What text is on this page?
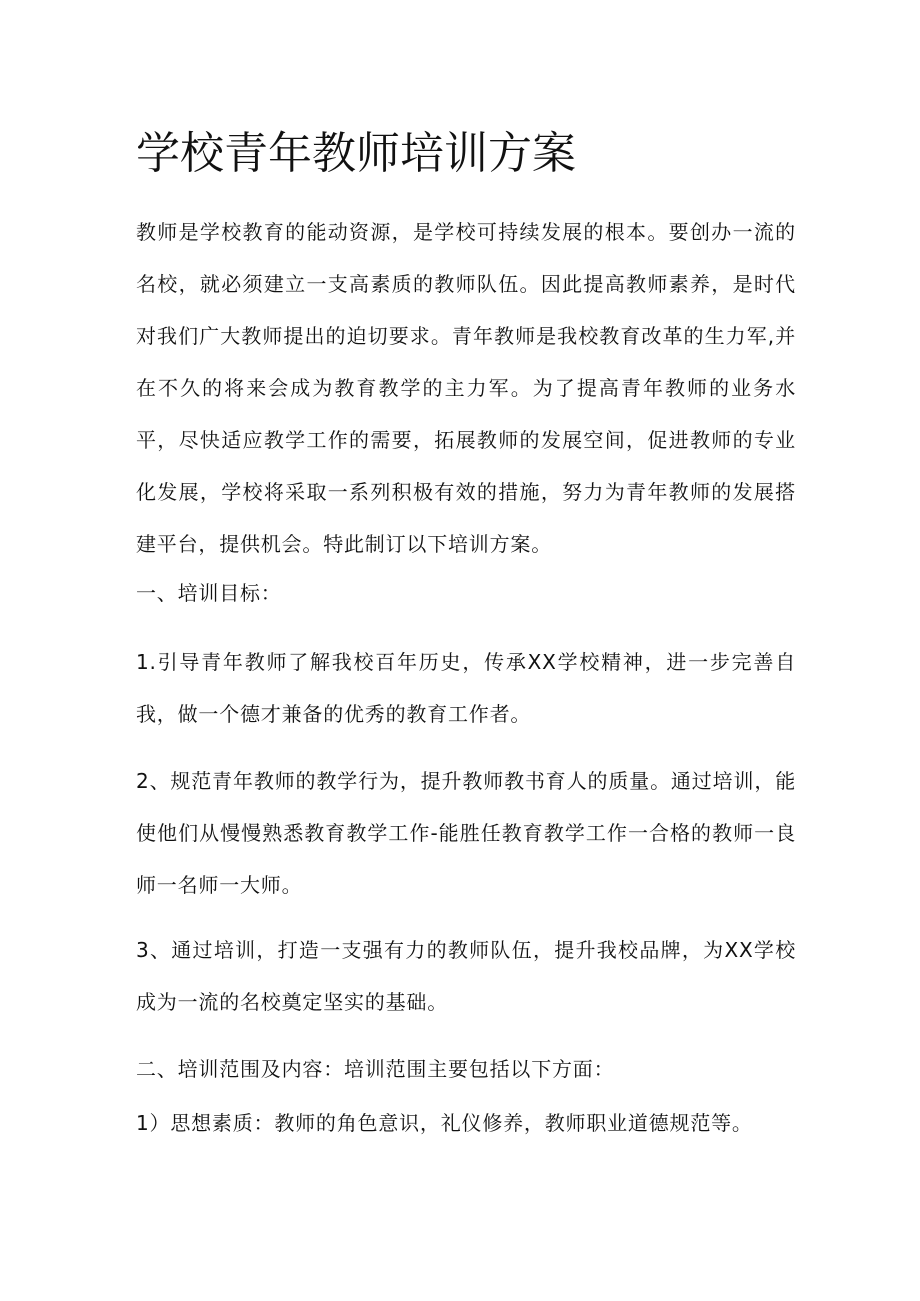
学校青年教师培训方案

教师是学校教育的能动资源，是学校可持续发展的根本。要创办一流的名校，就必须建立一支高素质的教师队伍。因此提高教师素养，是时代对我们广大教师提出的迫切要求。青年教师是我校教育改革的生力军,并在不久的将来会成为教育教学的主力军。为了提高青年教师的业务水平，尽快适应教学工作的需要，拓展教师的发展空间，促进教师的专业化发展，学校将采取一系列积极有效的措施，努力为青年教师的发展搭建平台，提供机会。特此制订以下培训方案。

一、培训目标：

1.引导青年教师了解我校百年历史，传承XX学校精神，进一步完善自我，做一个德才兼备的优秀的教育工作者。

2、规范青年教师的教学行为，提升教师教书育人的质量。通过培训，能使他们从慢慢熟悉教育教学工作-能胜任教育教学工作一合格的教师一良师一名师一大师。

3、通过培训，打造一支强有力的教师队伍，提升我校品牌，为XX学校成为一流的名校奠定坚实的基础。

二、培训范围及内容：培训范围主要包括以下方面：

1）思想素质：教师的角色意识，礼仪修养，教师职业道德规范等。
